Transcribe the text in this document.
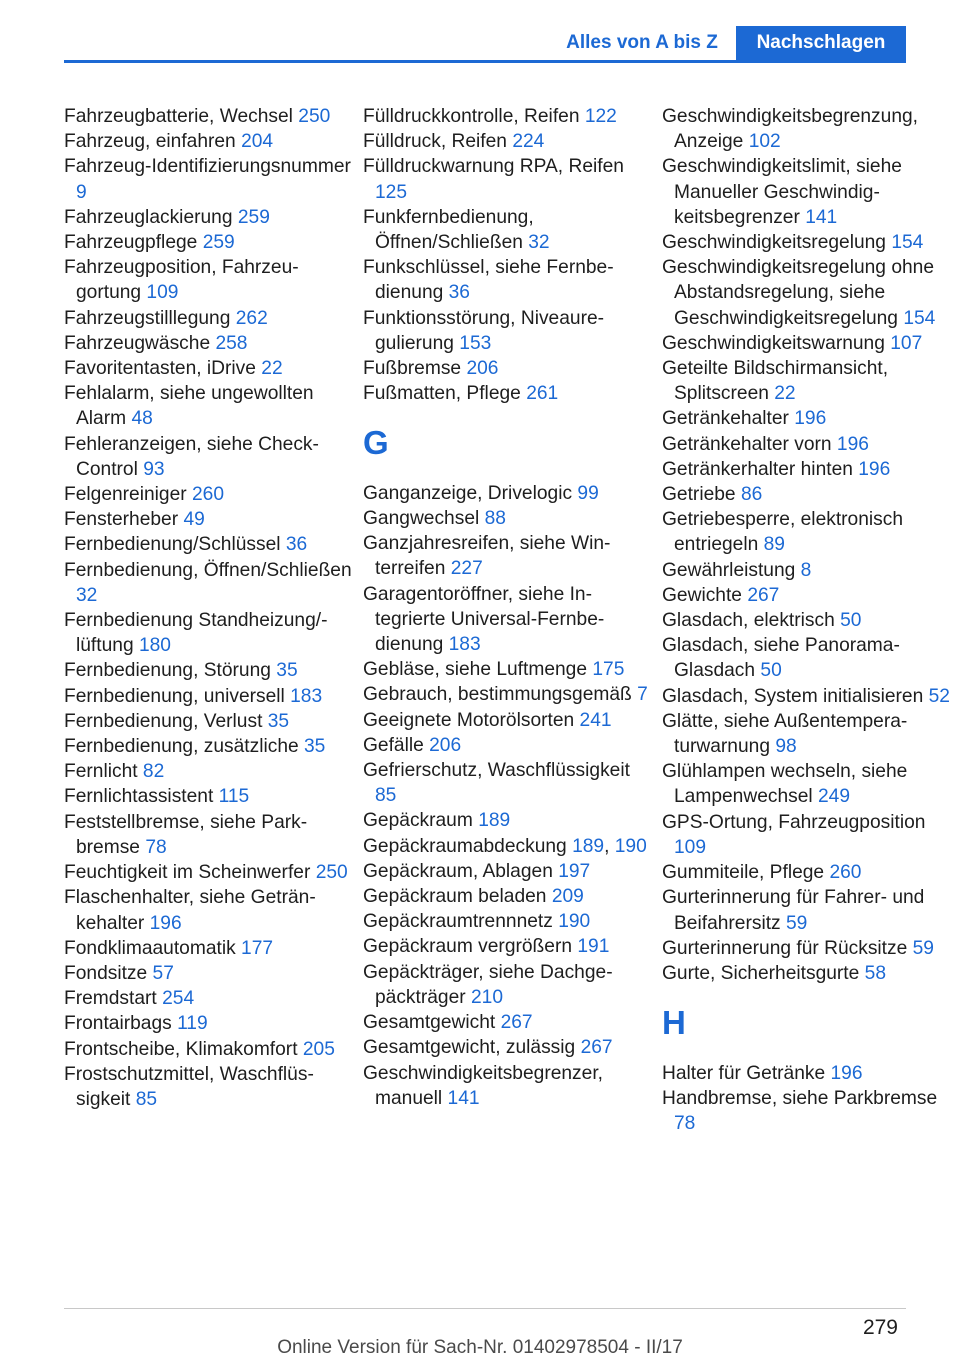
Alles von A bis Z	Nachschlagen
Fahrzeugbatterie, Wechsel 250
Fahrzeug, einfahren 204
Fahrzeug-Identifizierungsnummer 9
Fahrzeuglackierung 259
Fahrzeugpflege 259
Fahrzeugposition, Fahrzeugortung 109
Fahrzeugstilllegung 262
Fahrzeugwäsche 258
Favoritentasten, iDrive 22
Fehlalarm, siehe ungewollten Alarm 48
Fehleranzeigen, siehe Check-Control 93
Felgenreiniger 260
Fensterheber 49
Fernbedienung/Schlüssel 36
Fernbedienung, Öffnen/Schließen 32
Fernbedienung Standheizung/-lüftung 180
Fernbedienung, Störung 35
Fernbedienung, universell 183
Fernbedienung, Verlust 35
Fernbedienung, zusätzliche 35
Fernlicht 82
Fernlichtassistent 115
Feststellbremse, siehe Parkbremse 78
Feuchtigkeit im Scheinwerfer 250
Flaschenhalter, siehe Getränkehalter 196
Fondklimaautomatik 177
Fondsitze 57
Fremdstart 254
Frontairbags 119
Frontscheibe, Klimakomfort 205
Frostschutzmittel, Waschflüssigkeit 85
Fülldruckkontrolle, Reifen 122
Fülldruck, Reifen 224
Fülldruckwarnung RPA, Reifen 125
Funkfernbedienung, Öffnen/Schließen 32
Funkschlüssel, siehe Fernbedienung 36
Funktionsstörung, Niveauregulierung 153
Fußbremse 206
Fußmatten, Pflege 261
G
Ganganzeige, Drivelogic 99
Gangwechsel 88
Ganzjahresreifen, siehe Winterreifen 227
Garagentoröffner, siehe Integrierte Universal-Fernbedienung 183
Gebläse, siehe Luftmenge 175
Gebrauch, bestimmungsgemäß 7
Geeignete Motorölsorten 241
Gefälle 206
Gefrierschutz, Waschflüssigkeit 85
Gepäckraum 189
Gepäckraumabdeckung 189, 190
Gepäckraum, Ablagen 197
Gepäckraum beladen 209
Gepäckraumtrennnetz 190
Gepäckraum vergrößern 191
Gepäckträger, siehe Dachgepäckträger 210
Gesamtgewicht 267
Gesamtgewicht, zulässig 267
Geschwindigkeitsbegrenzer, manuell 141
Geschwindigkeitsbegrenzung, Anzeige 102
Geschwindigkeitslimit, siehe Manueller Geschwindigkeitsbegrenzer 141
Geschwindigkeitsregelung 154
Geschwindigkeitsregelung ohne Abstandsregelung, siehe Geschwindigkeitsregelung 154
Geschwindigkeitswarnung 107
Geteilte Bildschirmansicht, Splitscreen 22
Getränkehalter 196
Getränkehalter vorn 196
Getränkerhalter hinten 196
Getriebe 86
Getriebesperre, elektronisch entriegeln 89
Gewährleistung 8
Gewichte 267
Glasdach, elektrisch 50
Glasdach, siehe Panorama-Glasdach 50
Glasdach, System initialisieren 52
Glätte, siehe Außentemperaturwarnung 98
Glühlampen wechseln, siehe Lampenwechsel 249
GPS-Ortung, Fahrzeugposition 109
Gummiteile, Pflege 260
Gurterinnerung für Fahrer- und Beifahrersitz 59
Gurterinnerung für Rücksitze 59
Gurte, Sicherheitsgurte 58
H
Halter für Getränke 196
Handbremse, siehe Parkbremse 78
279
Online Version für Sach-Nr. 01402978504 - II/17
